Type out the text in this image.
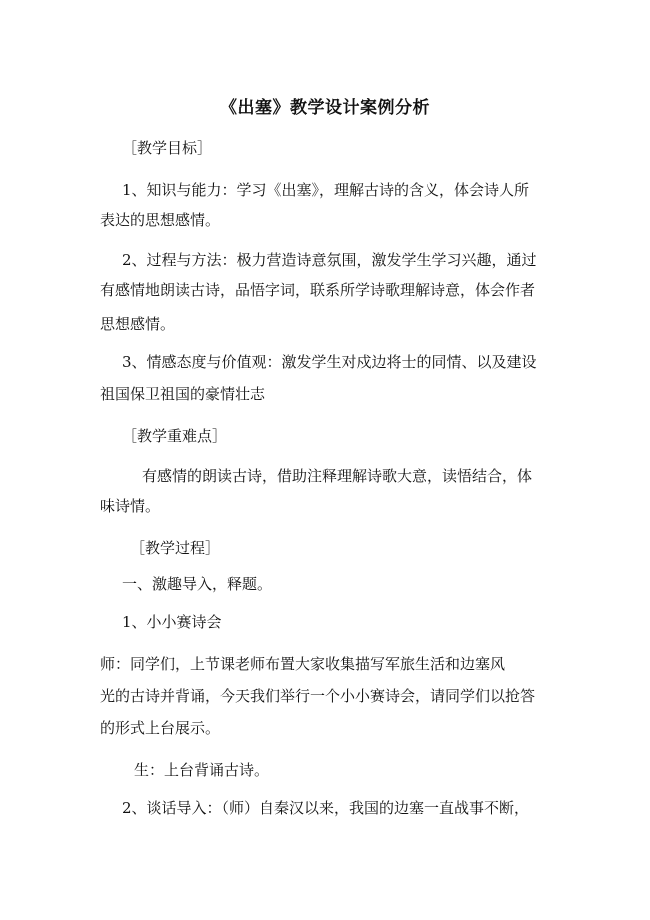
《出塞》教学设计案例分析
［教学目标］
1、知识与能力：学习《出塞》，理解古诗的含义，体会诗人所
表达的思想感情。
2、过程与方法：极力营造诗意氛围，激发学生学习兴趣，通过
有感情地朗读古诗，品悟字词，联系所学诗歌理解诗意，体会作者
思想感情。
3、情感态度与价值观：激发学生对戍边将士的同情、以及建设
祖国保卫祖国的豪情壮志
［教学重难点］
有感情的朗读古诗，借助注释理解诗歌大意，读悟结合，体
味诗情。
［教学过程］
一、激趣导入，释题。
1、小小赛诗会
师：同学们，上节课老师布置大家收集描写军旅生活和边塞风
光的古诗并背诵，今天我们举行一个小小赛诗会，请同学们以抢答
的形式上台展示。
生：上台背诵古诗。
2、谈话导入：（师）自秦汉以来，我国的边塞一直战事不断，
